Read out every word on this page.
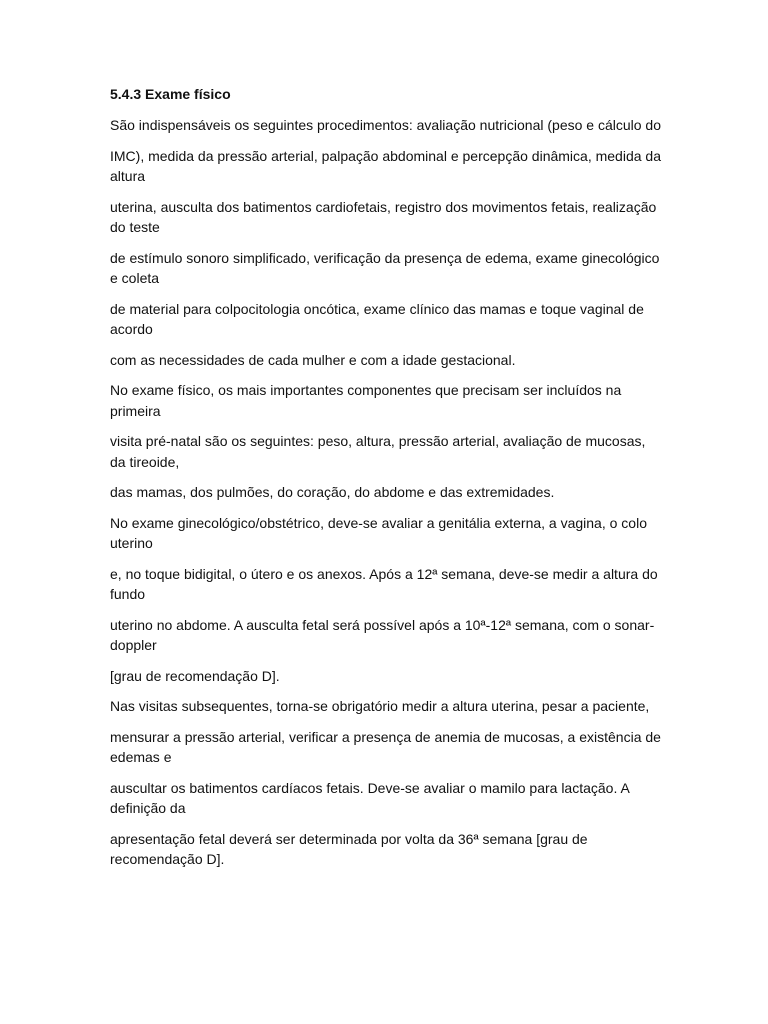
5.4.3 Exame físico
São indispensáveis os seguintes procedimentos: avaliação nutricional (peso e cálculo do
IMC), medida da pressão arterial, palpação abdominal e percepção dinâmica, medida da altura
uterina, ausculta dos batimentos cardiofetais, registro dos movimentos fetais, realização do teste
de estímulo sonoro simplificado, verificação da presença de edema, exame ginecológico e coleta
de material para colpocitologia oncótica, exame clínico das mamas e toque vaginal de acordo
com as necessidades de cada mulher e com a idade gestacional.
No exame físico, os mais importantes componentes que precisam ser incluídos na primeira
visita pré-natal são os seguintes: peso, altura, pressão arterial, avaliação de mucosas, da tireoide,
das mamas, dos pulmões, do coração, do abdome e das extremidades.
No exame ginecológico/obstétrico, deve-se avaliar a genitália externa, a vagina, o colo uterino
e, no toque bidigital, o útero e os anexos. Após a 12ª semana, deve-se medir a altura do fundo
uterino no abdome. A ausculta fetal será possível após a 10ª-12ª semana, com o sonar-doppler
[grau de recomendação D].
Nas visitas subsequentes, torna-se obrigatório medir a altura uterina, pesar a paciente,
mensurar a pressão arterial, verificar a presença de anemia de mucosas, a existência de edemas e
auscultar os batimentos cardíacos fetais. Deve-se avaliar o mamilo para lactação. A definição da
apresentação fetal deverá ser determinada por volta da 36ª semana [grau de recomendação D].
